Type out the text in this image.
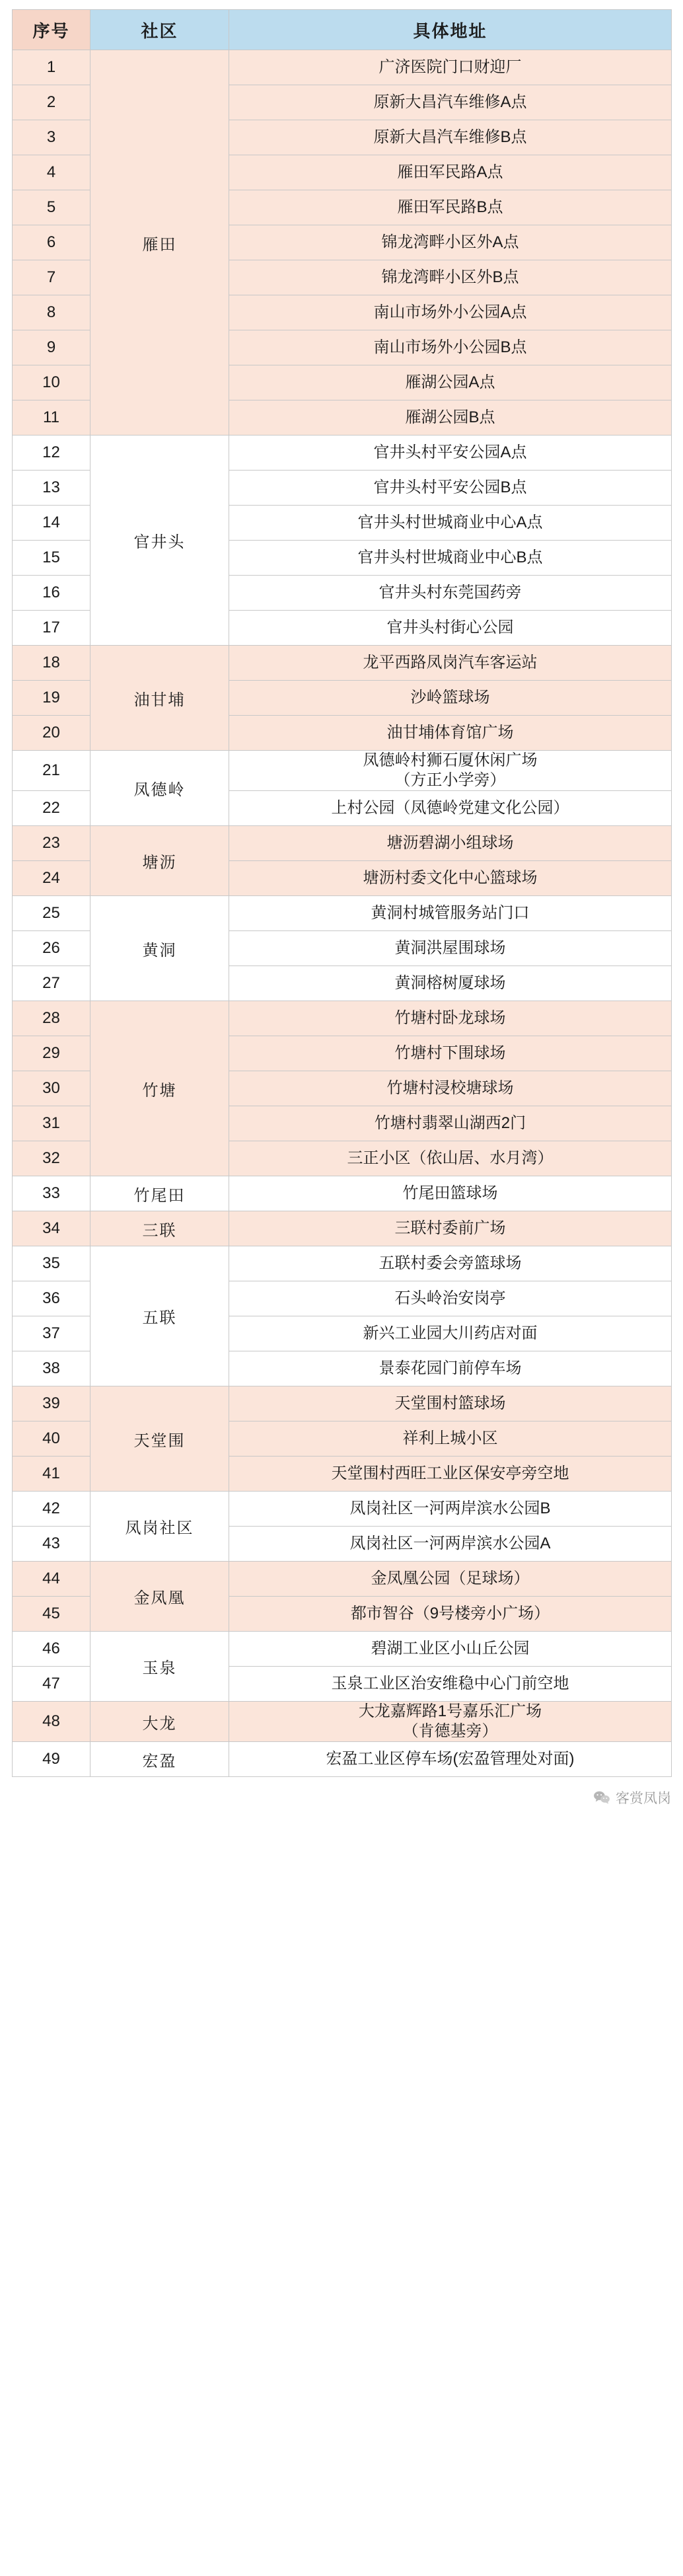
序号	社区	具体地址
1	雁田	广济医院门口财迎厂

2		原新大昌汽车维修A点

3		原新大昌汽车维修B点

4		雁田军民路A点

5		雁田军民路B点

6		锦龙湾畔小区外A点

7		锦龙湾畔小区外B点

8		南山市场外小公园A点

9		南山市场外小公园B点

10		雁湖公园A点

11		雁湖公园B点

12	官井头	官井头村平安公园A点

13		官井头村平安公园B点

14		官井头村世城商业中心A点

15		官井头村世城商业中心B点

16		官井头村东莞国药旁

17		官井头村街心公园

18	油甘埔	龙平西路凤岗汽车客运站

19		沙岭篮球场

20		油甘埔体育馆广场

21	凤德岭	凤德岭村狮石厦休闲广场
（方正小学旁）

22		上村公园（凤德岭党建文化公园）

23	塘沥	塘沥碧湖小组球场

24		塘沥村委文化中心篮球场

25	黄洞	黄洞村城管服务站门口

26		黄洞洪屋围球场

27		黄洞榕树厦球场

28	竹塘	竹塘村卧龙球场

29		竹塘村下围球场

30		竹塘村浸校塘球场

31		竹塘村翡翠山湖西2门

32		三正小区（依山居、水月湾）

33	竹尾田	竹尾田篮球场

34	三联	三联村委前广场

35	五联	五联村委会旁篮球场

36		石头岭治安岗亭

37		新兴工业园大川药店对面

38		景泰花园门前停车场

39	天堂围	天堂围村篮球场

40		祥利上城小区

41		天堂围村西旺工业区保安亭旁空地

42	凤岗社区	凤岗社区一河两岸滨水公园B

43		凤岗社区一河两岸滨水公园A

44	金凤凰	金凤凰公园（足球场）

45		都市智谷（9号楼旁小广场）

46	玉泉	碧湖工业区小山丘公园

47		玉泉工业区治安维稳中心门前空地

48	大龙	大龙嘉辉路1号嘉乐汇广场
（肯德基旁）

49	宏盈	宏盈工业区停车场(宏盈管理处对面)
客赏凤岗
